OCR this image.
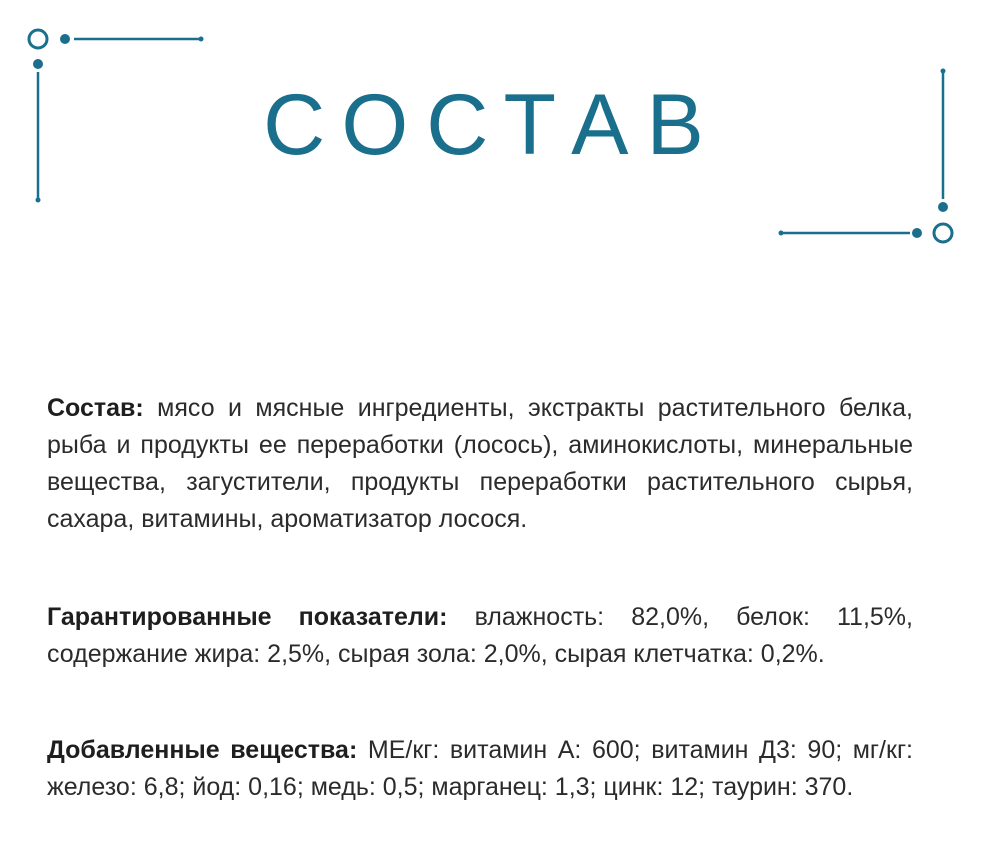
СОСТАВ

Состав: мясо и мясные ингредиенты, экстракты растительного белка, рыба и продукты ее переработки (лосось), аминокислоты, минеральные вещества, загустители, продукты переработки растительного сырья, сахара, витамины, ароматизатор лосося.

Гарантированные показатели: влажность: 82,0%, белок: 11,5%, содержание жира: 2,5%, сырая зола: 2,0%, сырая клетчатка: 0,2%.

Добавленные вещества: МЕ/кг: витамин А: 600; витамин Д3: 90; мг/кг: железо: 6,8; йод: 0,16; медь: 0,5; марганец: 1,3; цинк: 12; таурин: 370.
